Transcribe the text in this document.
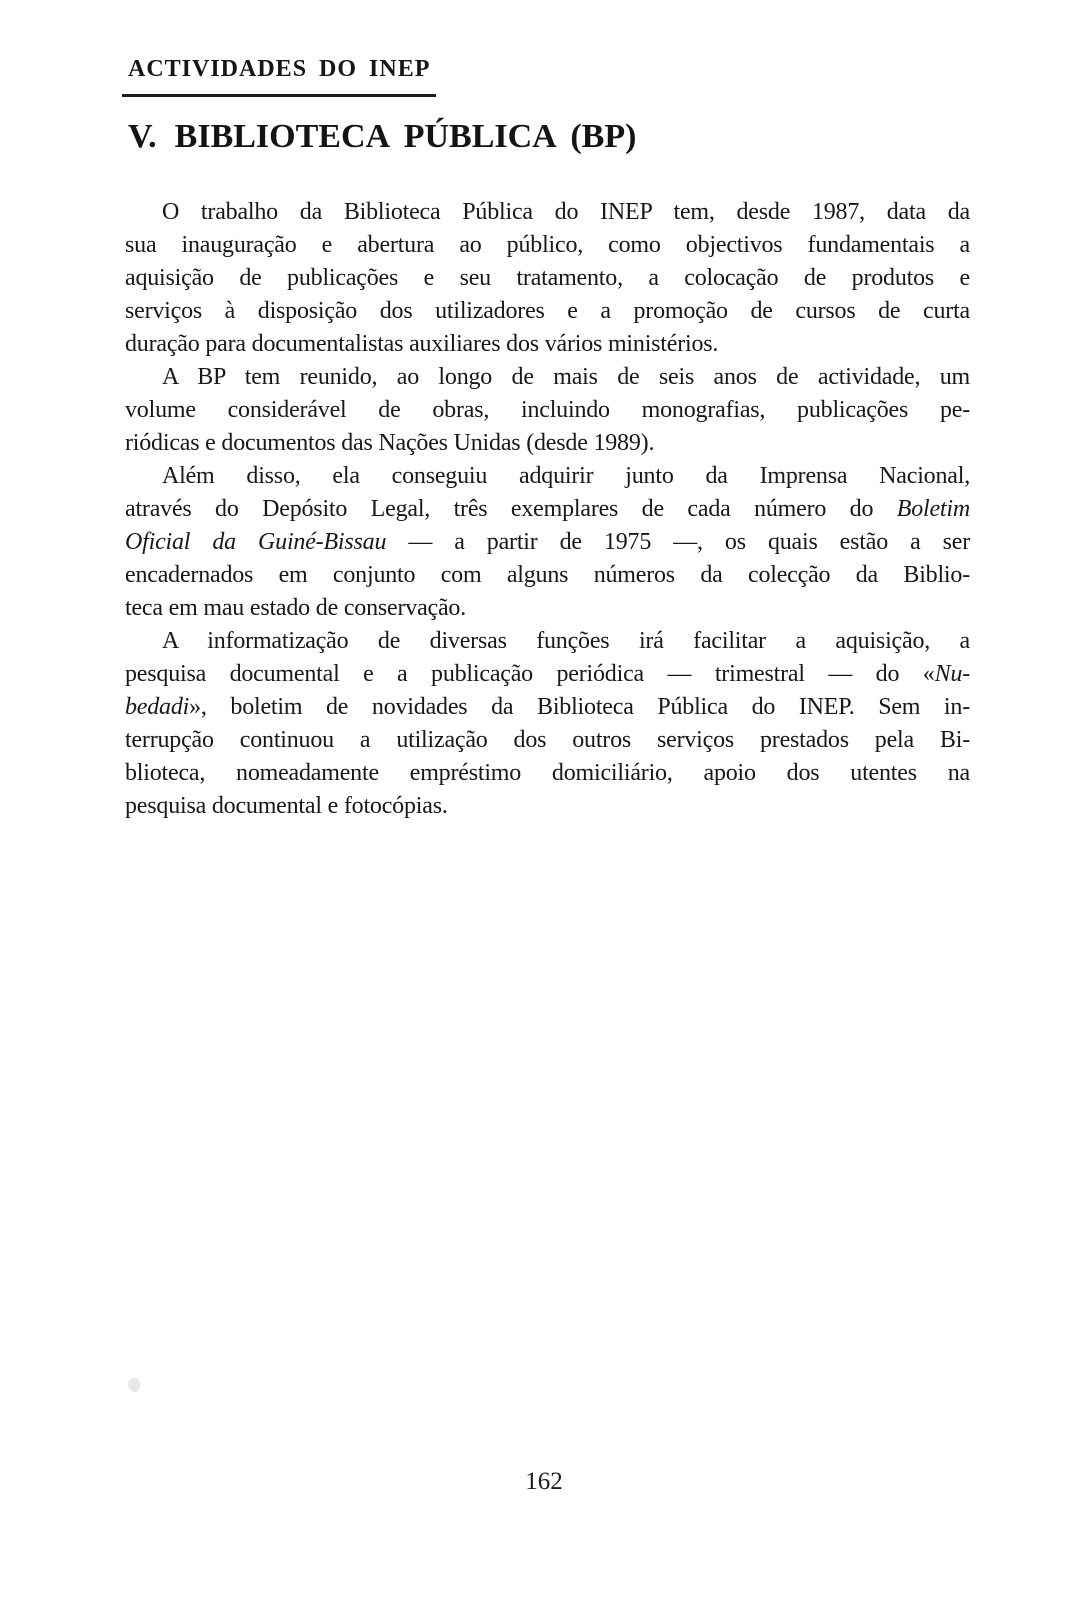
ACTIVIDADES DO INEP
V. BIBLIOTECA PÚBLICA (BP)
O trabalho da Biblioteca Pública do INEP tem, desde 1987, data da
sua inauguração e abertura ao público, como objectivos fundamentais a
aquisição de publicações e seu tratamento, a colocação de produtos e
serviços à disposição dos utilizadores e a promoção de cursos de curta
duração para documentalistas auxiliares dos vários ministérios.
A BP tem reunido, ao longo de mais de seis anos de actividade, um
volume considerável de obras, incluindo monografias, publicações pe-
riódicas e documentos das Nações Unidas (desde 1989).
Além disso, ela conseguiu adquirir junto da Imprensa Nacional,
através do Depósito Legal, três exemplares de cada número do Boletim
Oficial da Guiné-Bissau — a partir de 1975 —, os quais estão a ser
encadernados em conjunto com alguns números da colecção da Biblio-
teca em mau estado de conservação.
A informatização de diversas funções irá facilitar a aquisição, a
pesquisa documental e a publicação periódica — trimestral — do «Nu-
bedadi», boletim de novidades da Biblioteca Pública do INEP. Sem in-
terrupção continuou a utilização dos outros serviços prestados pela Bi-
blioteca, nomeadamente empréstimo domiciliário, apoio dos utentes na
pesquisa documental e fotocópias.
162
